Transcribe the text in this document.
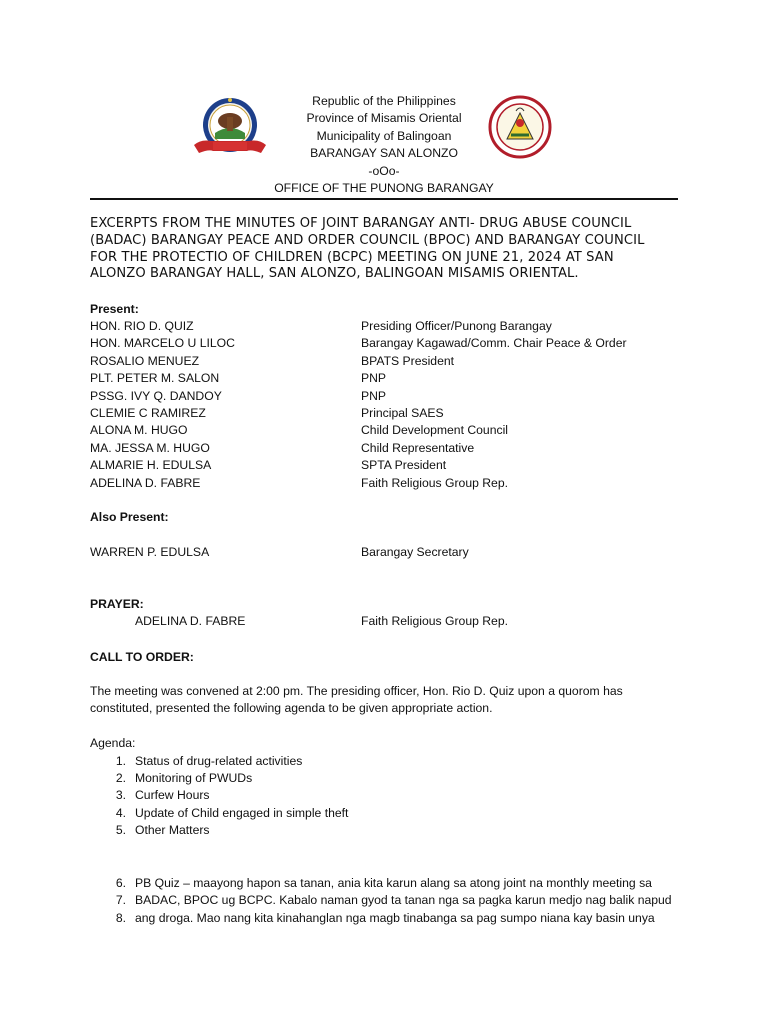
Republic of the Philippines
Province of Misamis Oriental
Municipality of Balingoan
BARANGAY SAN ALONZO
-oOo-
OFFICE OF THE PUNONG BARANGAY
EXCERPTS FROM THE MINUTES OF JOINT BARANGAY ANTI- DRUG ABUSE COUNCIL
(BADAC) BARANGAY PEACE AND ORDER COUNCIL (BPOC) AND BARANGAY COUNCIL
FOR THE PROTECTIO OF CHILDREN (BCPC) MEETING ON JUNE 21, 2024 AT SAN
ALONZO BARANGAY HALL, SAN ALONZO, BALINGOAN MISAMIS ORIENTAL.
Present:
HON. RIO D. QUIZ	Presiding Officer/Punong Barangay
HON. MARCELO U LILOC	Barangay Kagawad/Comm. Chair Peace & Order
ROSALIO MENUEZ	BPATS President
PLT. PETER M. SALON	PNP
PSSG. IVY Q. DANDOY	PNP
CLEMIE C RAMIREZ	Principal SAES
ALONA M. HUGO	Child Development Council
MA. JESSA M. HUGO	Child Representative
ALMARIE H. EDULSA	SPTA President
ADELINA D. FABRE	Faith Religious Group Rep.
Also Present:
WARREN P. EDULSA	Barangay Secretary
PRAYER:
ADELINA D. FABRE	Faith Religious Group Rep.
CALL TO ORDER:
The meeting was convened at 2:00 pm. The presiding officer, Hon. Rio D. Quiz upon a quorom has
constituted, presented the following agenda to be given appropriate action.
Agenda:
1. Status of drug-related activities
2. Monitoring of PWUDs
3. Curfew Hours
4. Update of Child engaged in simple theft
5. Other Matters
6. PB Quiz – maayong hapon sa tanan, ania kita karun alang sa atong joint na monthly meeting sa
7. BADAC, BPOC ug BCPC. Kabalo naman gyod ta tanan nga sa pagka karun medjo nag balik napud
8. ang droga. Mao nang kita kinahanglan nga magb tinabanga sa pag sumpo niana kay basin unya
